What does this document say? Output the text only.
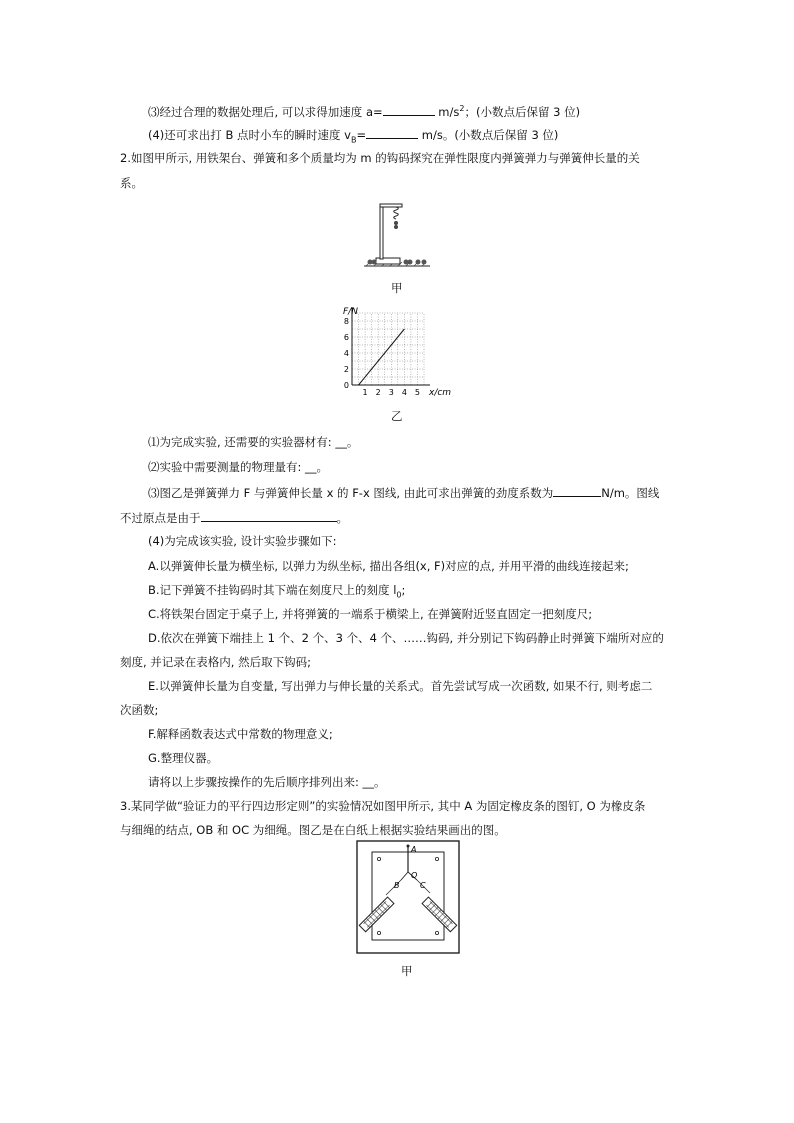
⑶经过合理的数据处理后, 可以求得加速度 a=	$m/s^2$；(小数点后保留 3 位)
(4)还可求出打 B 点时小车的瞬时速度 $v_B=$	m/s。(小数点后保留 3 位)
2.如图甲所示, 用铁架台、弹簧和多个质量均为 m 的钩码探究在弹性限度内弹簧弹力与弹簧伸长量的关
系。
甲
1 2 3 4 5
0
2
4
6
8
F/N
x/cm
乙
⑴为完成实验, 还需要的实验器材有: __。
⑵实验中需要测量的物理量有: __。
⑶图乙是弹簧弹力 F 与弹簧伸长量 x 的 F-x 图线, 由此可求出弹簧的劲度系数为	N/m。图线
不过原点是由于	。
(4)为完成该实验, 设计实验步骤如下:
A.以弹簧伸长量为横坐标, 以弹力为纵坐标, 描出各组(x, F)对应的点, 并用平滑的曲线连接起来;
B.记下弹簧不挂钩码时其下端在刻度尺上的刻度 $l_0$;
C.将铁架台固定于桌子上, 并将弹簧的一端系于横梁上, 在弹簧附近竖直固定一把刻度尺;
D.依次在弹簧下端挂上 1 个、2 个、3 个、4 个、……钩码, 并分别记下钩码静止时弹簧下端所对应的
刻度, 并记录在表格内, 然后取下钩码;
E.以弹簧伸长量为自变量, 写出弹力与伸长量的关系式。首先尝试写成一次函数, 如果不行, 则考虑二
次函数;
F.解释函数表达式中常数的物理意义;
G.整理仪器。
请将以上步骤按操作的先后顺序排列出来: __。
3.某同学做“验证力的平行四边形定则”的实验情况如图甲所示, 其中 A 为固定橡皮条的图钉, O 为橡皮条
与细绳的结点, OB 和 OC 为细绳。图乙是在白纸上根据实验结果画出的图。
A
O
B	C
甲
